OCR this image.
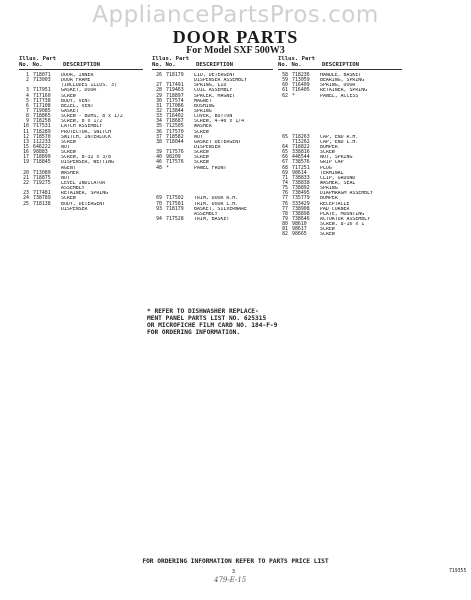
AppliancePartsPros.com
DOOR PARTS
For Model SXF 500W3
Illus. Part
No. No.	DESCRIPTION
1 718071	DOOR, INNER
2 713003	DOOR FRAME
(INCLUDES ILLUS. 3)
3 717951	GASKET, DOOR
4 717160	SCREW
5 717738	BODY, VENT
6 717108	BEZEL, VENT
7 719085	GASKET
8 718865	SCREW - BDHS, 8 x 1/2
9 718258	SCREW, 8 x 1/2
10 717531	LATCH ASSEMBLY
11 718289	PROTECTOR, SWITCH
12 718570	SWITCH, INTERLOCK
13 112233	SCREW
15 646222	NUT
16 98883	SCREW
17 718890	SCREW, 8-32 x 3/8
19 718845	DISPENSER, WETTING
AGENT
20 713080	WASHER
21 718875	NUT
22 719275	LEVEL INDICATOR
ASSEMBLY
23 717481	RETAINER, SPRING
24 738789	SCREW
25 718138	BODY, DETERGENT
DISPENSER
Illus. Part
No. No.	DESCRIPTION
26 718179	LID, DETERGENT
DISPENSER ASSEMBLY
27 717491	SPRING, LID
28 719463	COIL ASSEMBLY
29 718897	SPACER, MAGNET
30 717574	MAGNET
31 717086	BUSHING
32 713844	SPRING
33 716402	COVER, BUTTON
34 718687	SCREW, 4-40 x 1/4
35 712505	WASHER
36 717570	SCREW
37 718582	NUT
38 718044	GASKET DETERGENT
DISPENSER
39 717576	SCREW
40 98209	SCREW
46 717576	SCREW
48 *	PANEL FRONT
69 717502	TRIM, DOOR R.H.
70 717501	TRIM, DOOR L.H.
93 718179	BASKET, SILVERWARE
ASSEMBLY
94 717528	TRIM, BASKET
Illus. Part
No. No.	DESCRIPTION
58 718236	HANDLE, BASKET
59 713059	BEARING, SPRING
60 716409	SPRING, DOOR
61 716405	RETAINER, SPRING
62 *	PANEL, ACCESS
65 718263	CAP, END R.H.
713262	CAP, END L.H.
64 718822	BUMPER
65 338816	SCREW
66 446544	NUT, SPRING
67 738576	GRIP CAP
68 717251	PLUG
69 98614	TERMINAL
71 738833	CLIP, GROUND
74 738838	WASHER, SEAL
75 738892	SPRING
76 738495	DIAPHRAGM ASSEMBLY
77 735779	BUMPER
76 333429	RECEPTACLE
77 738908	PAD CORNER
78 738898	PLATE, MOUNTING
79 738646	ACTUATOR ASSEMBLY
80 98610	SCREW, 8-16 x 1
81 98617	SCREW
82 98665	SCREW
* REFER TO DISHWASHER REPLACE-
MENT PANEL PARTS LIST NO. 625315
OR MICROFICHE FILM CARD NO. 184-F-9
FOR ORDERING INFORMATION.
FOR ORDERING INFORMATION REFER TO PARTS PRICE LIST
3	719355
479-E-15
